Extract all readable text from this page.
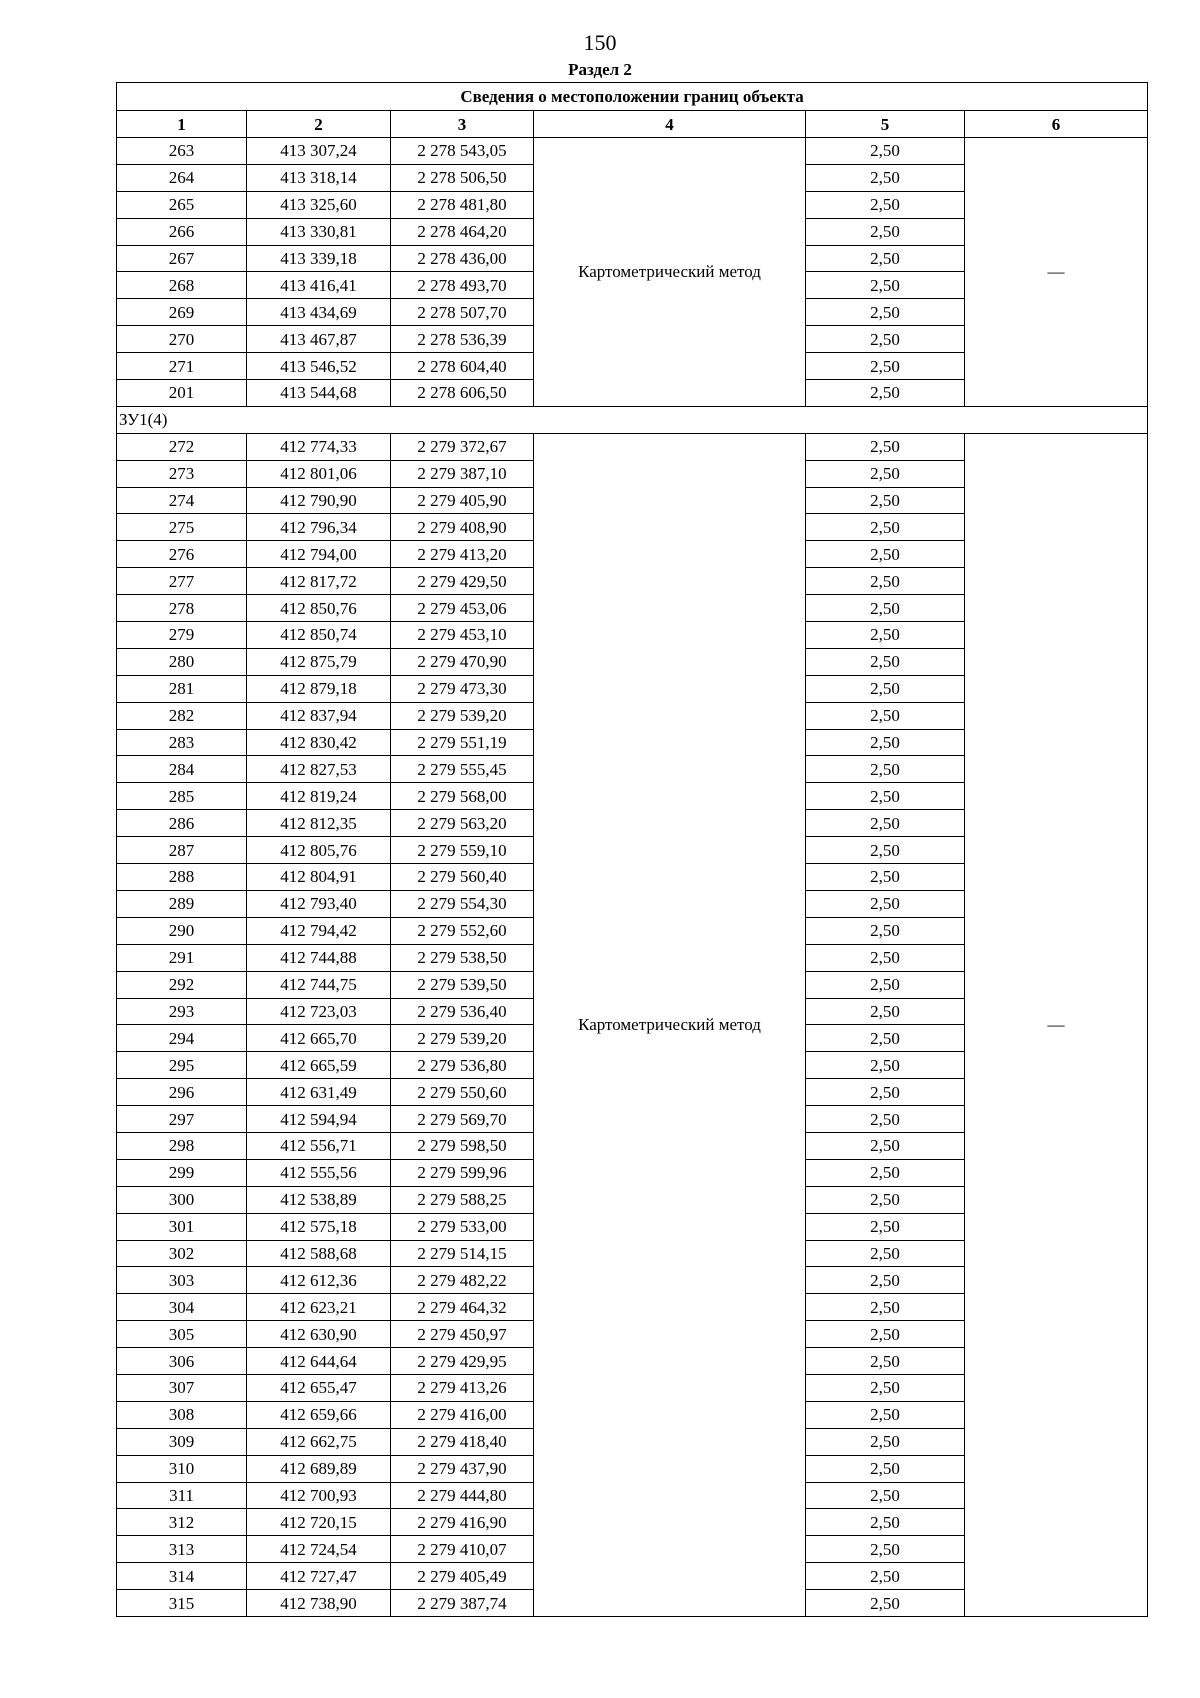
150
Раздел 2
Сведения о местоположении границ объекта					
1	2	3	4	5	6
263	413 307,24	2 278 543,05	Картометрический метод	2,50	—
264	413 318,14	2 278 506,50		2,50	
265	413 325,60	2 278 481,80		2,50	
266	413 330,81	2 278 464,20		2,50	
267	413 339,18	2 278 436,00		2,50	
268	413 416,41	2 278 493,70		2,50	
269	413 434,69	2 278 507,70		2,50	
270	413 467,87	2 278 536,39		2,50	
271	413 546,52	2 278 604,40		2,50	
201	413 544,68	2 278 606,50		2,50	
ЗУ1(4)					
272	412 774,33	2 279 372,67	Картометрический метод	2,50	—
273	412 801,06	2 279 387,10		2,50	
274	412 790,90	2 279 405,90		2,50	
275	412 796,34	2 279 408,90		2,50	
276	412 794,00	2 279 413,20		2,50	
277	412 817,72	2 279 429,50		2,50	
278	412 850,76	2 279 453,06		2,50	
279	412 850,74	2 279 453,10		2,50	
280	412 875,79	2 279 470,90		2,50	
281	412 879,18	2 279 473,30		2,50	
282	412 837,94	2 279 539,20		2,50	
283	412 830,42	2 279 551,19		2,50	
284	412 827,53	2 279 555,45		2,50	
285	412 819,24	2 279 568,00		2,50	
286	412 812,35	2 279 563,20		2,50	
287	412 805,76	2 279 559,10		2,50	
288	412 804,91	2 279 560,40		2,50	
289	412 793,40	2 279 554,30		2,50	
290	412 794,42	2 279 552,60		2,50	
291	412 744,88	2 279 538,50		2,50	
292	412 744,75	2 279 539,50		2,50	
293	412 723,03	2 279 536,40		2,50	
294	412 665,70	2 279 539,20		2,50	
295	412 665,59	2 279 536,80		2,50	
296	412 631,49	2 279 550,60		2,50	
297	412 594,94	2 279 569,70		2,50	
298	412 556,71	2 279 598,50		2,50	
299	412 555,56	2 279 599,96		2,50	
300	412 538,89	2 279 588,25		2,50	
301	412 575,18	2 279 533,00		2,50	
302	412 588,68	2 279 514,15		2,50	
303	412 612,36	2 279 482,22		2,50	
304	412 623,21	2 279 464,32		2,50	
305	412 630,90	2 279 450,97		2,50	
306	412 644,64	2 279 429,95		2,50	
307	412 655,47	2 279 413,26		2,50	
308	412 659,66	2 279 416,00		2,50	
309	412 662,75	2 279 418,40		2,50	
310	412 689,89	2 279 437,90		2,50	
311	412 700,93	2 279 444,80		2,50	
312	412 720,15	2 279 416,90		2,50	
313	412 724,54	2 279 410,07		2,50	
314	412 727,47	2 279 405,49		2,50	
315	412 738,90	2 279 387,74		2,50	
